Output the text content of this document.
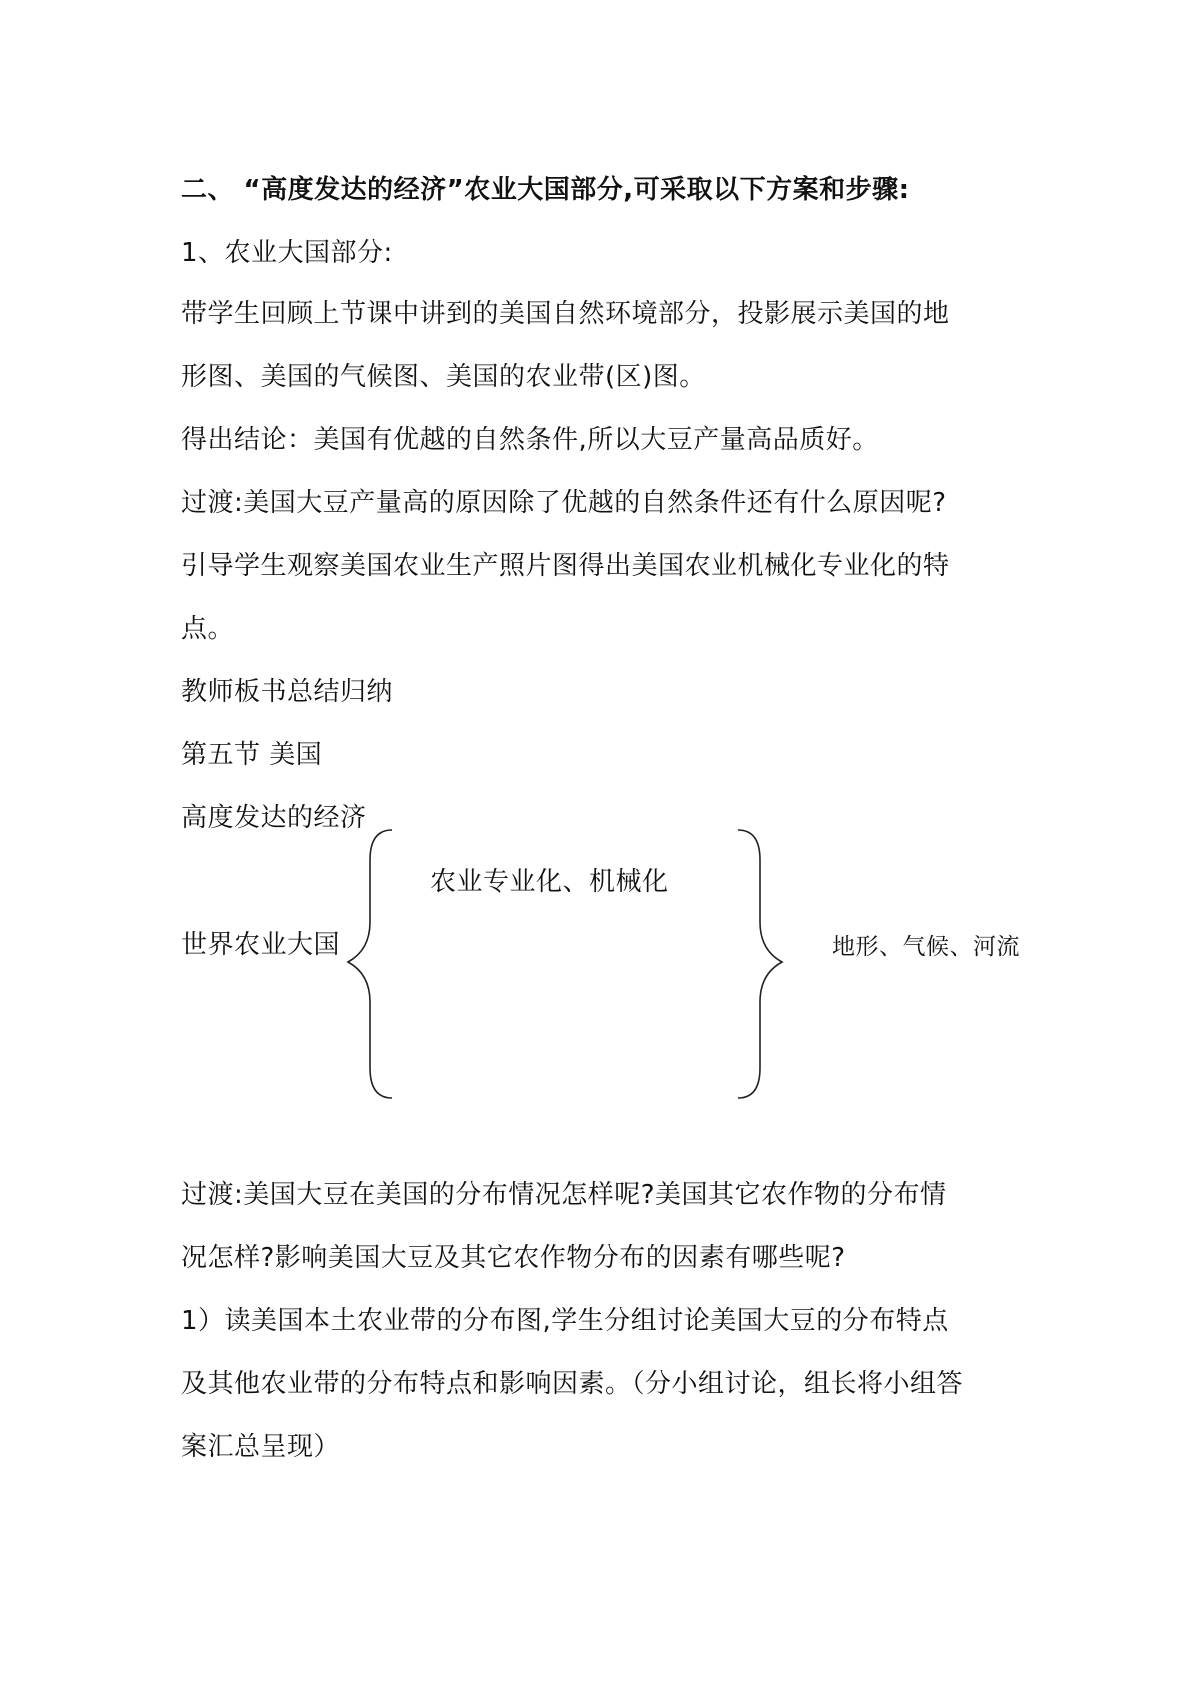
二、 “高度发达的经济”农业大国部分,可采取以下方案和步骤:
1、农业大国部分:
带学生回顾上节课中讲到的美国自然环境部分，投影展示美国的地
形图、美国的气候图、美国的农业带(区)图。
得出结论：美国有优越的自然条件,所以大豆产量高品质好。
过渡:美国大豆产量高的原因除了优越的自然条件还有什么原因呢?
引导学生观察美国农业生产照片图得出美国农业机械化专业化的特
点。
教师板书总结归纳
第五节 美国
高度发达的经济
农业专业化、机械化
世界农业大国	地形、气候、河流
过渡:美国大豆在美国的分布情况怎样呢?美国其它农作物的分布情
况怎样?影响美国大豆及其它农作物分布的因素有哪些呢?
1）读美国本土农业带的分布图,学生分组讨论美国大豆的分布特点
及其他农业带的分布特点和影响因素。（分小组讨论，组长将小组答
案汇总呈现）
